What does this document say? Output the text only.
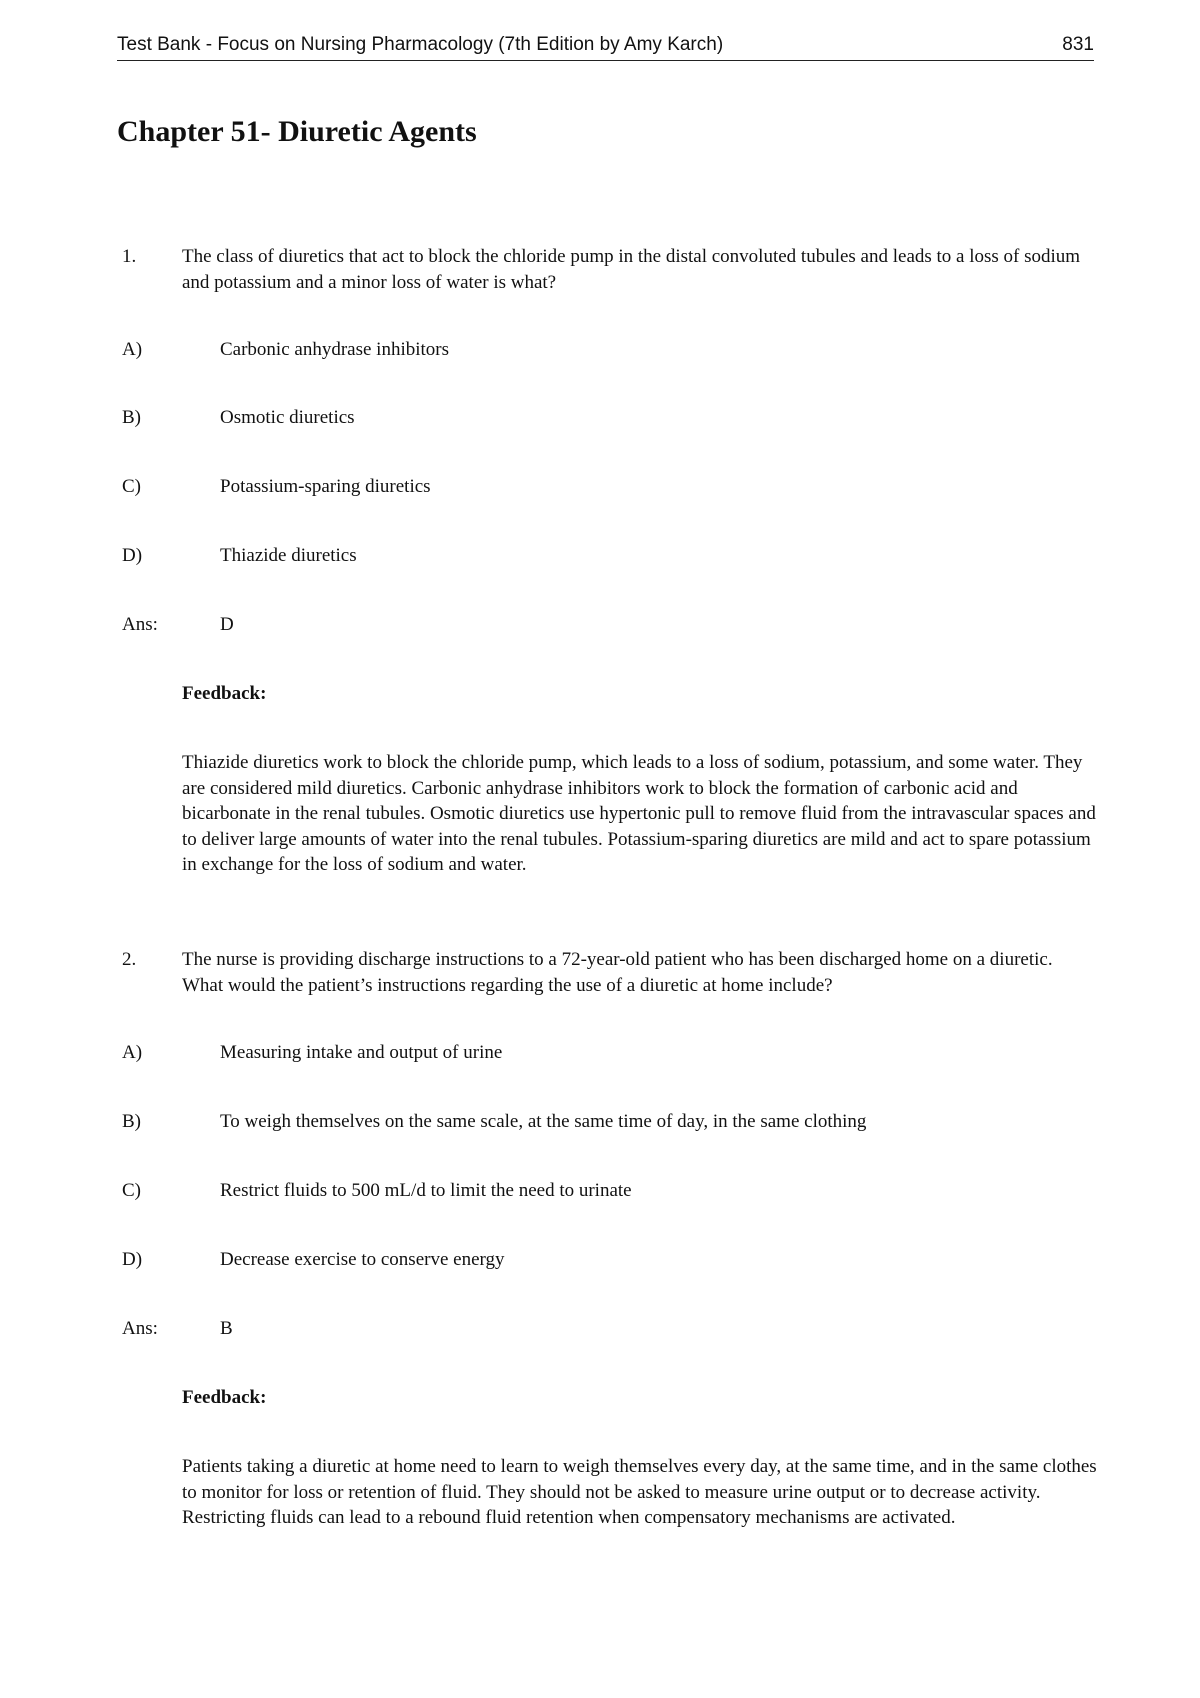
Test Bank - Focus on Nursing Pharmacology (7th Edition by Amy Karch)	831
Chapter 51- Diuretic Agents
1. The class of diuretics that act to block the chloride pump in the distal convoluted tubules and leads to a loss of sodium and potassium and a minor loss of water is what?
A)	Carbonic anhydrase inhibitors
B)	Osmotic diuretics
C)	Potassium-sparing diuretics
D)	Thiazide diuretics
Ans:	D
Feedback:
Thiazide diuretics work to block the chloride pump, which leads to a loss of sodium, potassium, and some water. They are considered mild diuretics. Carbonic anhydrase inhibitors work to block the formation of carbonic acid and bicarbonate in the renal tubules. Osmotic diuretics use hypertonic pull to remove fluid from the intravascular spaces and to deliver large amounts of water into the renal tubules. Potassium-sparing diuretics are mild and act to spare potassium in exchange for the loss of sodium and water.
2. The nurse is providing discharge instructions to a 72-year-old patient who has been discharged home on a diuretic. What would the patient’s instructions regarding the use of a diuretic at home include?
A)	Measuring intake and output of urine
B)	To weigh themselves on the same scale, at the same time of day, in the same clothing
C)	Restrict fluids to 500 mL/d to limit the need to urinate
D)	Decrease exercise to conserve energy
Ans:	B
Feedback:
Patients taking a diuretic at home need to learn to weigh themselves every day, at the same time, and in the same clothes to monitor for loss or retention of fluid. They should not be asked to measure urine output or to decrease activity. Restricting fluids can lead to a rebound fluid retention when compensatory mechanisms are activated.
